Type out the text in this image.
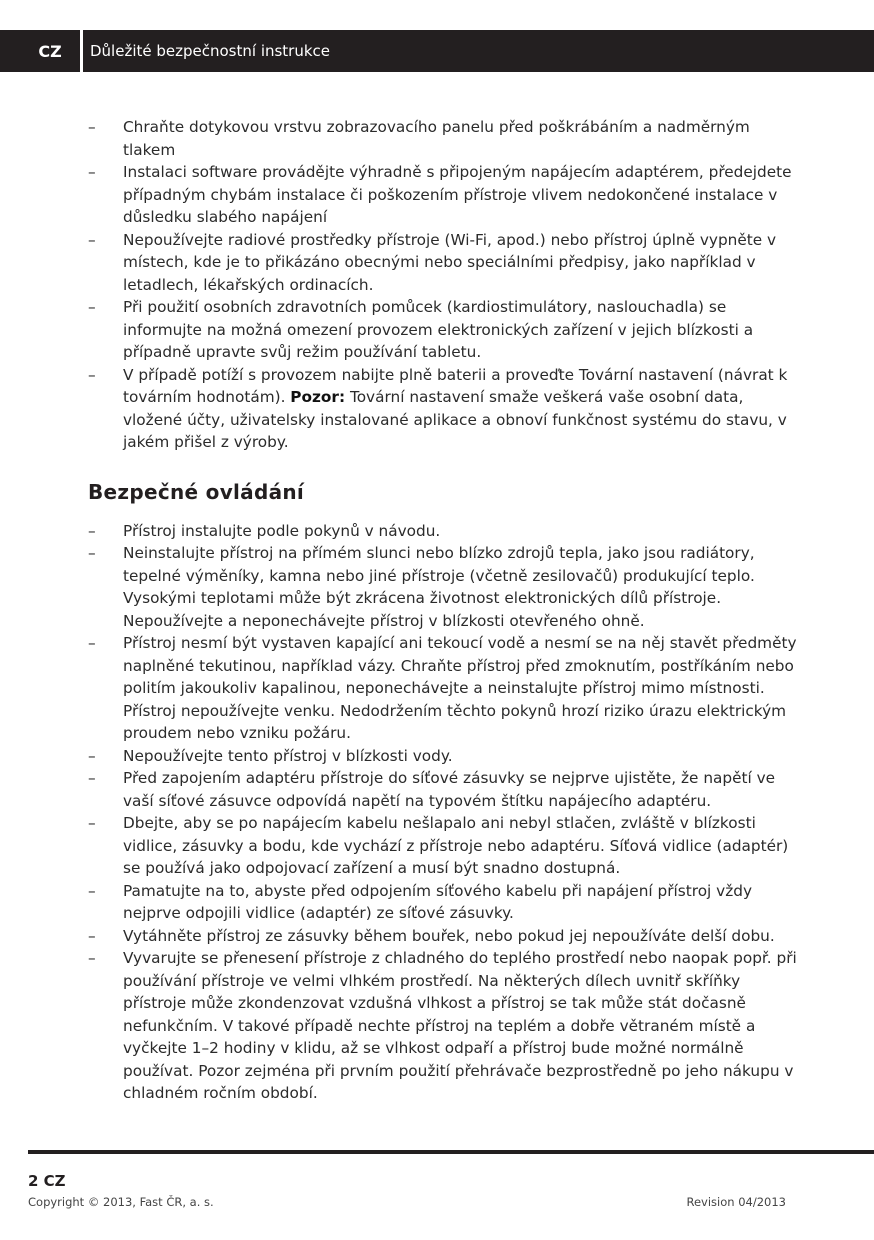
CZ	Důležité bezpečnostní instrukce
– Chraňte dotykovou vrstvu zobrazovacího panelu před poškrábáním a nadměrným tlakem
– Instalaci software provádějte výhradně s připojeným napájecím adaptérem, předejdete případným chybám instalace či poškozením přístroje vlivem nedokončené instalace v důsledku slabého napájení
– Nepoužívejte radiové prostředky přístroje (Wi-Fi, apod.) nebo přístroj úplně vypněte v místech, kde je to přikázáno obecnými nebo speciálními předpisy, jako například v letadlech, lékařských ordinacích.
– Při použití osobních zdravotních pomůcek (kardiostimulátory, naslouchadla) se informujte na možná omezení provozem elektronických zařízení v jejich blízkosti a případně upravte svůj režim používání tabletu.
– V případě potíží s provozem nabijte plně baterii a proveďte Tovární nastavení (návrat k továrním hodnotám). Pozor: Tovární nastavení smaže veškerá vaše osobní data, vložené účty, uživatelsky instalované aplikace a obnoví funkčnost systému do stavu, v jakém přišel z výroby.
Bezpečné ovládání
– Přístroj instalujte podle pokynů v návodu.
– Neinstalujte přístroj na přímém slunci nebo blízko zdrojů tepla, jako jsou radiátory, tepelné výměníky, kamna nebo jiné přístroje (včetně zesilovačů) produkující teplo. Vysokými teplotami může být zkrácena životnost elektronických dílů přístroje. Nepoužívejte a neponechávejte přístroj v blízkosti otevřeného ohně.
– Přístroj nesmí být vystaven kapající ani tekoucí vodě a nesmí se na něj stavět předměty naplněné tekutinou, například vázy. Chraňte přístroj před zmoknutím, postříkáním nebo politím jakoukoliv kapalinou, neponechávejte a neinstalujte přístroj mimo místnosti. Přístroj nepoužívejte venku. Nedodržením těchto pokynů hrozí riziko úrazu elektrickým proudem nebo vzniku požáru.
– Nepoužívejte tento přístroj v blízkosti vody.
– Před zapojením adaptéru přístroje do síťové zásuvky se nejprve ujistěte, že napětí ve vaší síťové zásuvce odpovídá napětí na typovém štítku napájecího adaptéru.
– Dbejte, aby se po napájecím kabelu nešlapalo ani nebyl stlačen, zvláště v blízkosti vidlice, zásuvky a bodu, kde vychází z přístroje nebo adaptéru. Síťová vidlice (adaptér) se používá jako odpojovací zařízení a musí být snadno dostupná.
– Pamatujte na to, abyste před odpojením síťového kabelu při napájení přístroj vždy nejprve odpojili vidlice (adaptér) ze síťové zásuvky.
– Vytáhněte přístroj ze zásuvky během bouřek, nebo pokud jej nepoužíváte delší dobu.
– Vyvarujte se přenesení přístroje z chladného do teplého prostředí nebo naopak popř. při používání přístroje ve velmi vlhkém prostředí. Na některých dílech uvnitř skříňky přístroje může zkondenzovat vzdušná vlhkost a přístroj se tak může stát dočasně nefunkčním. V takové případě nechte přístroj na teplém a dobře větraném místě a vyčkejte 1–2 hodiny v klidu, až se vlhkost odpaří a přístroj bude možné normálně používat. Pozor zejména při prvním použití přehrávače bezprostředně po jeho nákupu v chladném ročním období.
2 CZ
Copyright © 2013, Fast ČR, a. s.	Revision 04/2013
